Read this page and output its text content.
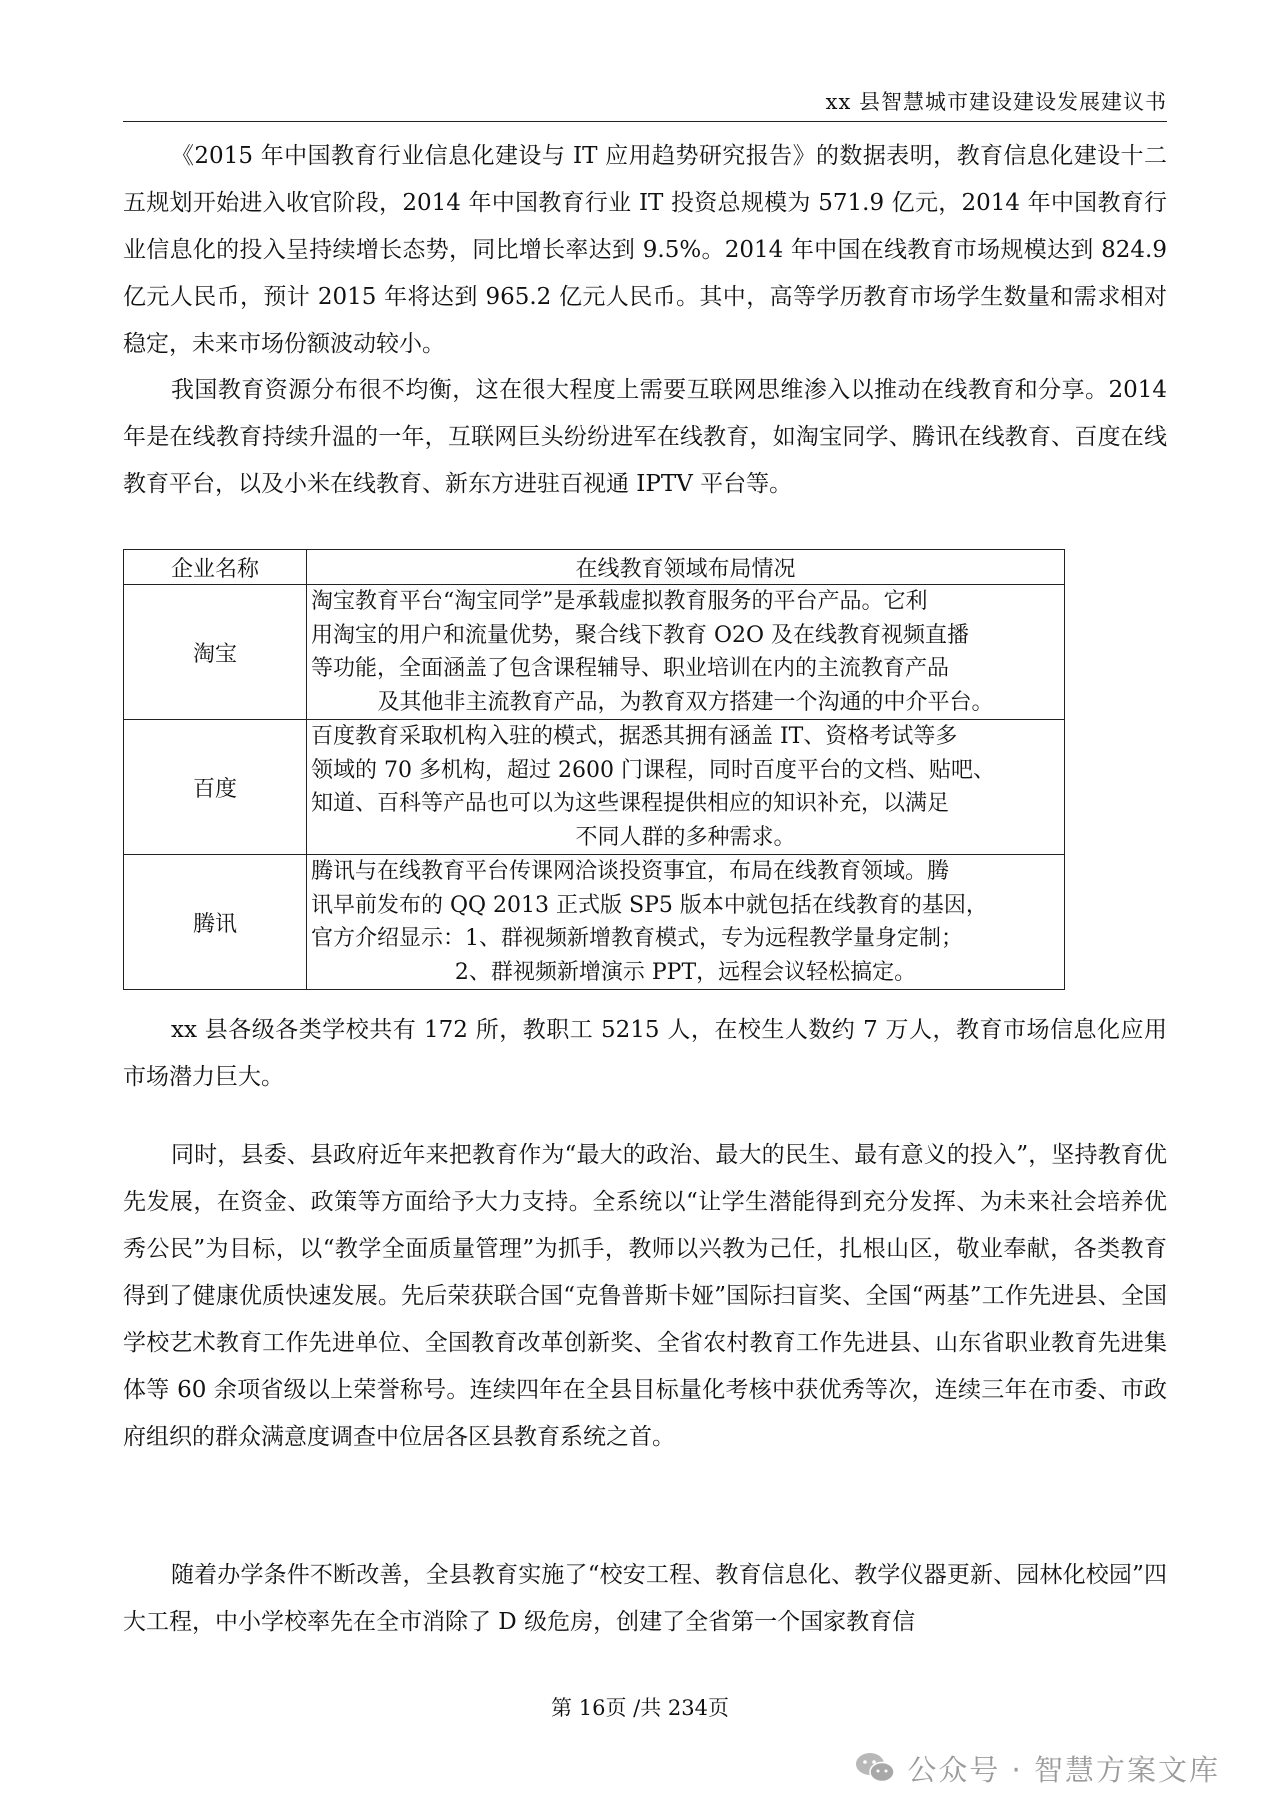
xx 县智慧城市建设建设发展建议书

《2015 年中国教育行业信息化建设与 IT 应用趋势研究报告》的数据表明，教育信息化建设十二五规划开始进入收官阶段，2014 年中国教育行业 IT 投资总规模为 571.9 亿元，2014 年中国教育行业信息化的投入呈持续增长态势，同比增长率达到 9.5%。2014 年中国在线教育市场规模达到 824.9 亿元人民币，预计 2015 年将达到 965.2 亿元人民币。其中，高等学历教育市场学生数量和需求相对稳定，未来市场份额波动较小。

我国教育资源分布很不均衡，这在很大程度上需要互联网思维渗入以推动在线教育和分享。2014 年是在线教育持续升温的一年，互联网巨头纷纷进军在线教育，如淘宝同学、腾讯在线教育、百度在线教育平台，以及小米在线教育、新东方进驻百视通 IPTV 平台等。

企业名称	在线教育领域布局情况
淘宝	淘宝教育平台“淘宝同学”是承载虚拟教育服务的平台产品。它利
用淘宝的用户和流量优势，聚合线下教育 O2O 及在线教育视频直播
等功能，全面涵盖了包含课程辅导、职业培训在内的主流教育产品
及其他非主流教育产品，为教育双方搭建一个沟通的中介平台。

百度	百度教育采取机构入驻的模式，据悉其拥有涵盖 IT、资格考试等多
领域的 70 多机构，超过 2600 门课程，同时百度平台的文档、贴吧、
知道、百科等产品也可以为这些课程提供相应的知识补充，以满足
不同人群的多种需求。

腾讯	腾讯与在线教育平台传课网洽谈投资事宜，布局在线教育领域。腾
讯早前发布的 QQ 2013 正式版 SP5 版本中就包括在线教育的基因，
官方介绍显示：1、群视频新增教育模式，专为远程教学量身定制；
2、群视频新增演示 PPT，远程会议轻松搞定。

xx 县各级各类学校共有 172 所，教职工 5215 人，在校生人数约 7 万人，教育市场信息化应用市场潜力巨大。

同时，县委、县政府近年来把教育作为“最大的政治、最大的民生、最有意义的投入”，坚持教育优先发展，在资金、政策等方面给予大力支持。全系统以“让学生潜能得到充分发挥、为未来社会培养优秀公民”为目标，以“教学全面质量管理”为抓手，教师以兴教为己任，扎根山区，敬业奉献，各类教育得到了健康优质快速发展。先后荣获联合国“克鲁普斯卡娅”国际扫盲奖、全国“两基”工作先进县、全国学校艺术教育工作先进单位、全国教育改革创新奖、全省农村教育工作先进县、山东省职业教育先进集体等 60 余项省级以上荣誉称号。连续四年在全县目标量化考核中获优秀等次，连续三年在市委、市政府组织的群众满意度调查中位居各区县教育系统之首。

随着办学条件不断改善，全县教育实施了“校安工程、教育信息化、教学仪器更新、园林化校园”四大工程，中小学校率先在全市消除了 D 级危房，创建了全省第一个国家教育信

第 16页 /共 234页
公众号 · 智慧方案文库
